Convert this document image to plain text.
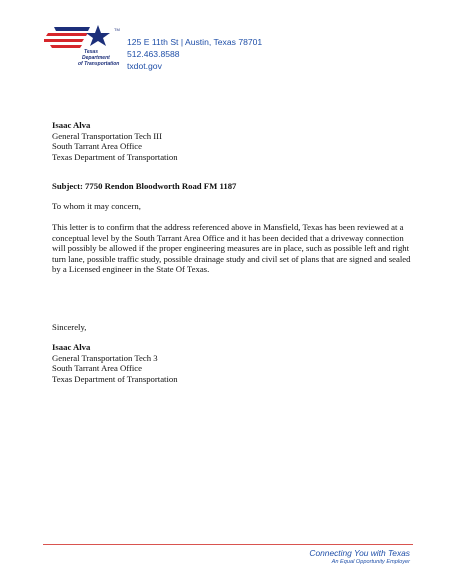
TM
Texas
Department
of Transportation
125 E 11th St | Austin, Texas 78701
512.463.8588
txdot.gov
Isaac Alva
General Transportation Tech III
South Tarrant Area Office
Texas Department of Transportation
Subject: 7750 Rendon Bloodworth Road FM 1187
To whom it may concern,
This letter is to confirm that the address referenced above in Mansfield, Texas has been reviewed at a conceptual level by the South Tarrant Area Office and it has been decided that a driveway connection will possibly be allowed if the proper engineering measures are in place, such as possible left and right turn lane, possible traffic study, possible drainage study and civil set of plans that are signed and sealed by a Licensed engineer in the State Of Texas.
Sincerely,
Isaac Alva
General Transportation Tech 3
South Tarrant Area Office
Texas Department of Transportation
Connecting You with Texas
An Equal Opportunity Employer
